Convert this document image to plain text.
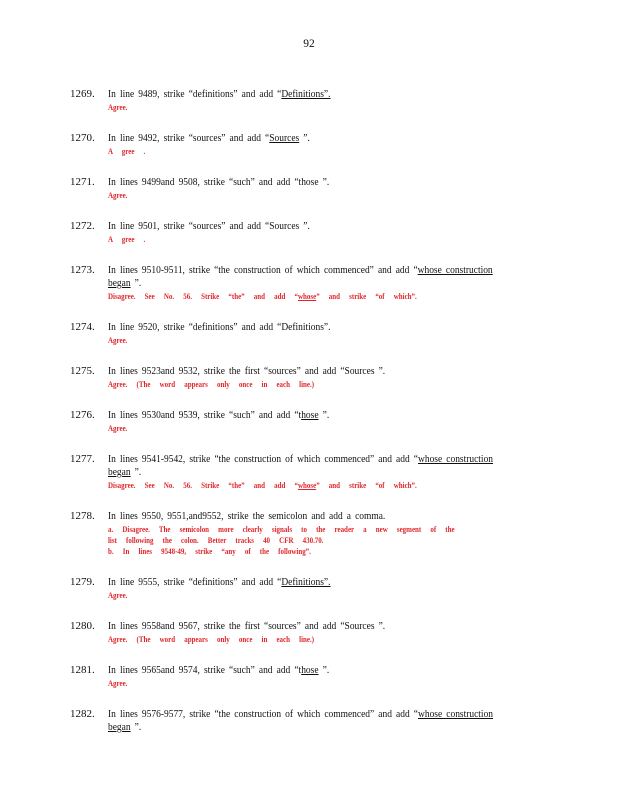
92
1269.	In line 9489, strike “definitions” and add “Definitions”.
Agree.
1270.	In line 9492, strike “sources” and add “Sources ”.
A gree .
1271.	In lines 9499and 9508, strike “such” and add “those ”.
Agree.
1272.	In line 9501, strike “sources” and add “Sources ”.
A gree .
1273.	In lines 9510-9511, strike “the construction of which commenced” and add “whose construction began ”.
Disagree. See No. 56. Strike “the” and add “whose” and strike “of which”.
1274.	In line 9520, strike “definitions” and add “Definitions”.
Agree.
1275.	In lines 9523and 9532, strike the first “sources” and add “Sources ”.
Agree. (The word appears only once in each line.)
1276.	In lines 9530and 9539, strike “such” and add “those ”.
Agree.
1277.	In lines 9541-9542, strike “the construction of which commenced” and add “whose construction began ”.
Disagree. See No. 56. Strike “the” and add “whose” and strike “of which”.
1278.	In lines 9550, 9551,and9552, strike the semicolon and add a comma.
a. Disagree. The semicolon more clearly signals to the reader a new segment of the
list following the colon. Better tracks 40 CFR 430.70.
b. In lines 9548-49, strike “any of the following”.
1279.	In line 9555, strike “definitions” and add “Definitions”.
Agree.
1280.	In lines 9558and 9567, strike the first “sources” and add “Sources ”.
Agree. (The word appears only once in each line.)
1281.	In lines 9565and 9574, strike “such” and add “those ”.
Agree.
1282.	In lines 9576-9577, strike “the construction of which commenced” and add “whose construction began ”.
